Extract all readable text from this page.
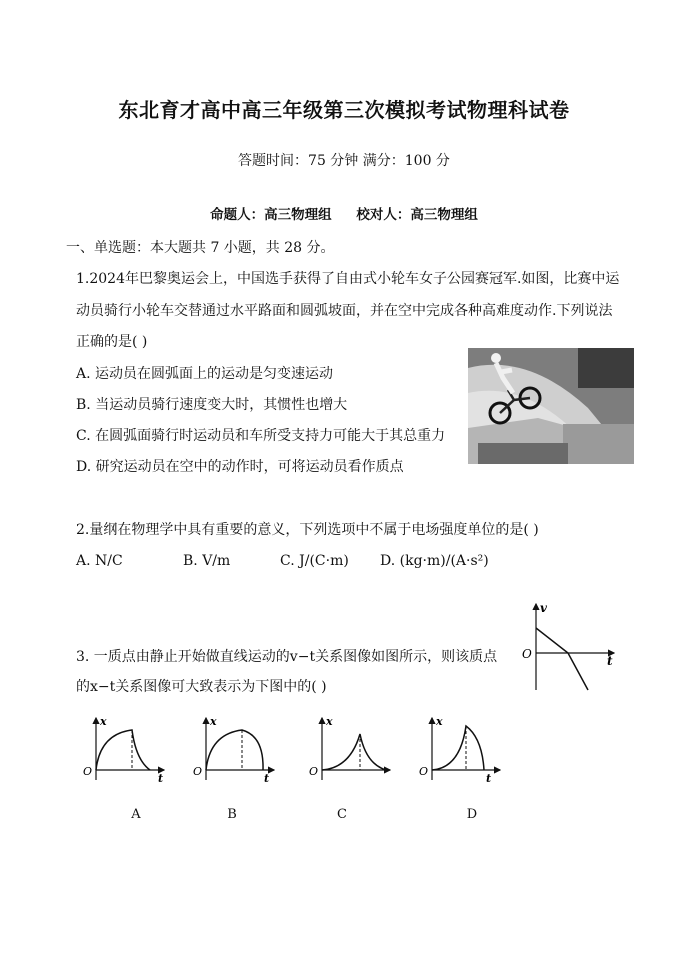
东北育才高中高三年级第三次模拟考试物理科试卷
答题时间：75 分钟 满分：100 分
命题人：高三物理组 校对人：高三物理组
一、单选题：本大题共 7 小题，共 28 分。
1.2024年巴黎奥运会上，中国选手获得了自由式小轮车女子公园赛冠军.如图，比赛中运
动员骑行小轮车交替通过水平路面和圆弧坡面，并在空中完成各种高难度动作.下列说法
正确的是( )
A. 运动员在圆弧面上的运动是匀变速运动
B. 当运动员骑行速度变大时，其惯性也增大
C. 在圆弧面骑行时运动员和车所受支持力可能大于其总重力
D. 研究运动员在空中的动作时，可将运动员看作质点
2.量纲在物理学中具有重要的意义，下列选项中不属于电场强度单位的是( )
A. N/C	B. V/m	C. J/(C·m) D. (kg·m)/(A·s²)
3. 一质点由静止开始做直线运动的v−t关系图像如图所示，则该质点
的x−t关系图像可大致表示为下图中的( )
v
t
O
x
t
O
x
t
O
x
O
x
t
O
A	B	C	D
